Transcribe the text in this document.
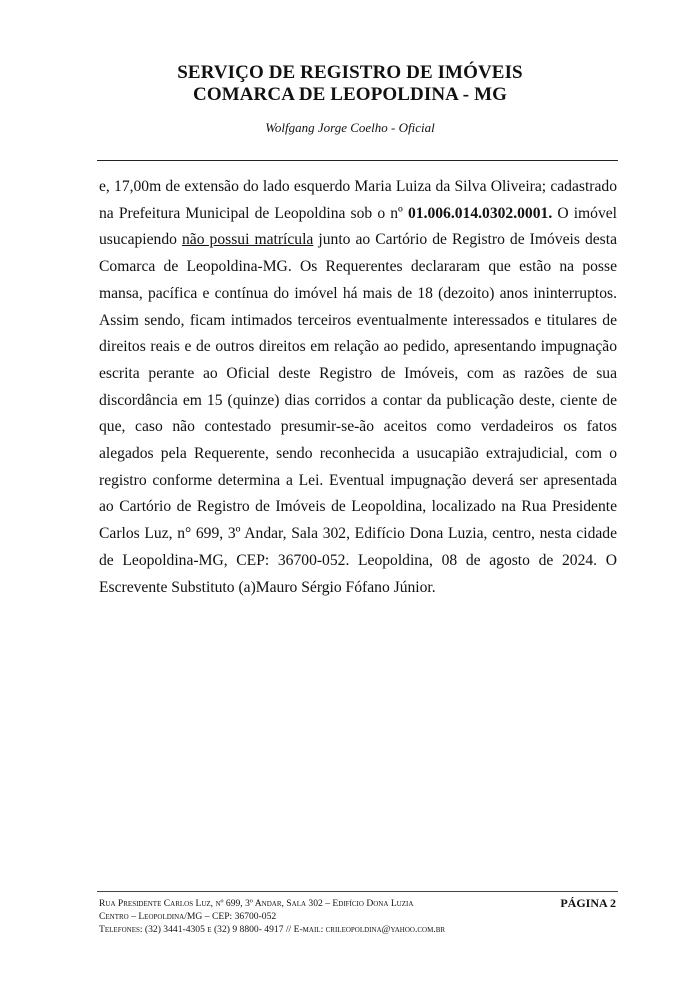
SERVIÇO DE REGISTRO DE IMÓVEIS
COMARCA DE LEOPOLDINA - MG
Wolfgang Jorge Coelho - Oficial

e, 17,00m de extensão do lado esquerdo Maria Luiza da Silva Oliveira; cadastrado na Prefeitura Municipal de Leopoldina sob o nº 01.006.014.0302.0001. O imóvel usucapiendo não possui matrícula junto ao Cartório de Registro de Imóveis desta Comarca de Leopoldina-MG. Os Requerentes declararam que estão na posse mansa, pacífica e contínua do imóvel há mais de 18 (dezoito) anos ininterruptos. Assim sendo, ficam intimados terceiros eventualmente interessados e titulares de direitos reais e de outros direitos em relação ao pedido, apresentando impugnação escrita perante ao Oficial deste Registro de Imóveis, com as razões de sua discordância em 15 (quinze) dias corridos a contar da publicação deste, ciente de que, caso não contestado presumir-se-ão aceitos como verdadeiros os fatos alegados pela Requerente, sendo reconhecida a usucapião extrajudicial, com o registro conforme determina a Lei. Eventual impugnação deverá ser apresentada ao Cartório de Registro de Imóveis de Leopoldina, localizado na Rua Presidente Carlos Luz, n° 699, 3º Andar, Sala 302, Edifício Dona Luzia, centro, nesta cidade de Leopoldina-MG, CEP: 36700-052. Leopoldina, 08 de agosto de 2024. O Escrevente Substituto (a)Mauro Sérgio Fófano Júnior.

Rua Presidente Carlos Luz, nº 699, 3º Andar, Sala 302 – Edifício Dona Luzia
Centro – Leopoldina/MG – CEP: 36700-052
Telefones: (32) 3441-4305 e (32) 9 8800- 4917 // E-mail: crileopoldina@yahoo.com.br
PÁGINA 2
